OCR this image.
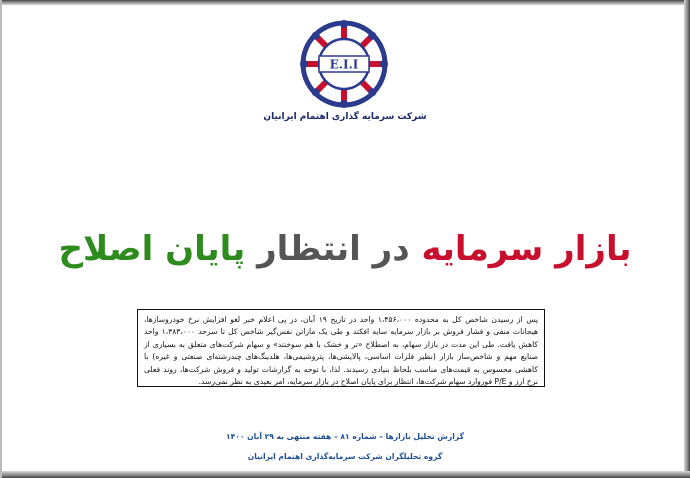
E.I.I
شرکت سرمایه گذاری اهتمام ایرانیان
بازار سرمایه در انتظار پایان اصلاح
پس از رسیدن شاخص کل به محدوده ۱،۴۵۶،۰۰۰ واحد در تاریخ ۱۹ آبان، در پی اعلام خبر لغو افزایش نرخ خودروسازها، هیجانات منفی و فشار فروش بر بازار سرمایه سایه افکند و طی یک ماراتن نفس‌گیر شاخص کل تا سرحد ۱،۳۸۳،۰۰۰ واحد کاهش یافت. طی این مدت در بازار سهام، به اصطلاح «تر و خشک با هم سوختند» و سهام شرکت‌های متعلق به بسیاری از صنایع مهم و شاخص‌ساز بازار (نظیر فلزات اساسی، پالایشی‌ها، پتروشیمی‌ها، هلدینگ‌های چندرشته‌ای صنعتی و غیره) با کاهشی محسوس به قیمت‌های مناسب بلحاظ بنیادی رسیدند. لذا، با توجه به گزارشات تولید و فروش شرکت‌ها، روند فعلی نرخ ارز و P/E فوروارد سهام شرکت‌ها، انتظار برای پایان اصلاح در بازار سرمایه، امر بعیدی به نظر نمی‌رسد.
گزارش تحلیل بازارها – شماره ۸۱ – هفته منتهی به ۲۹ آبان ۱۴۰۰
گروه تحلیلگران شرکت سرمایه‌گذاری اهتمام ایرانیان
